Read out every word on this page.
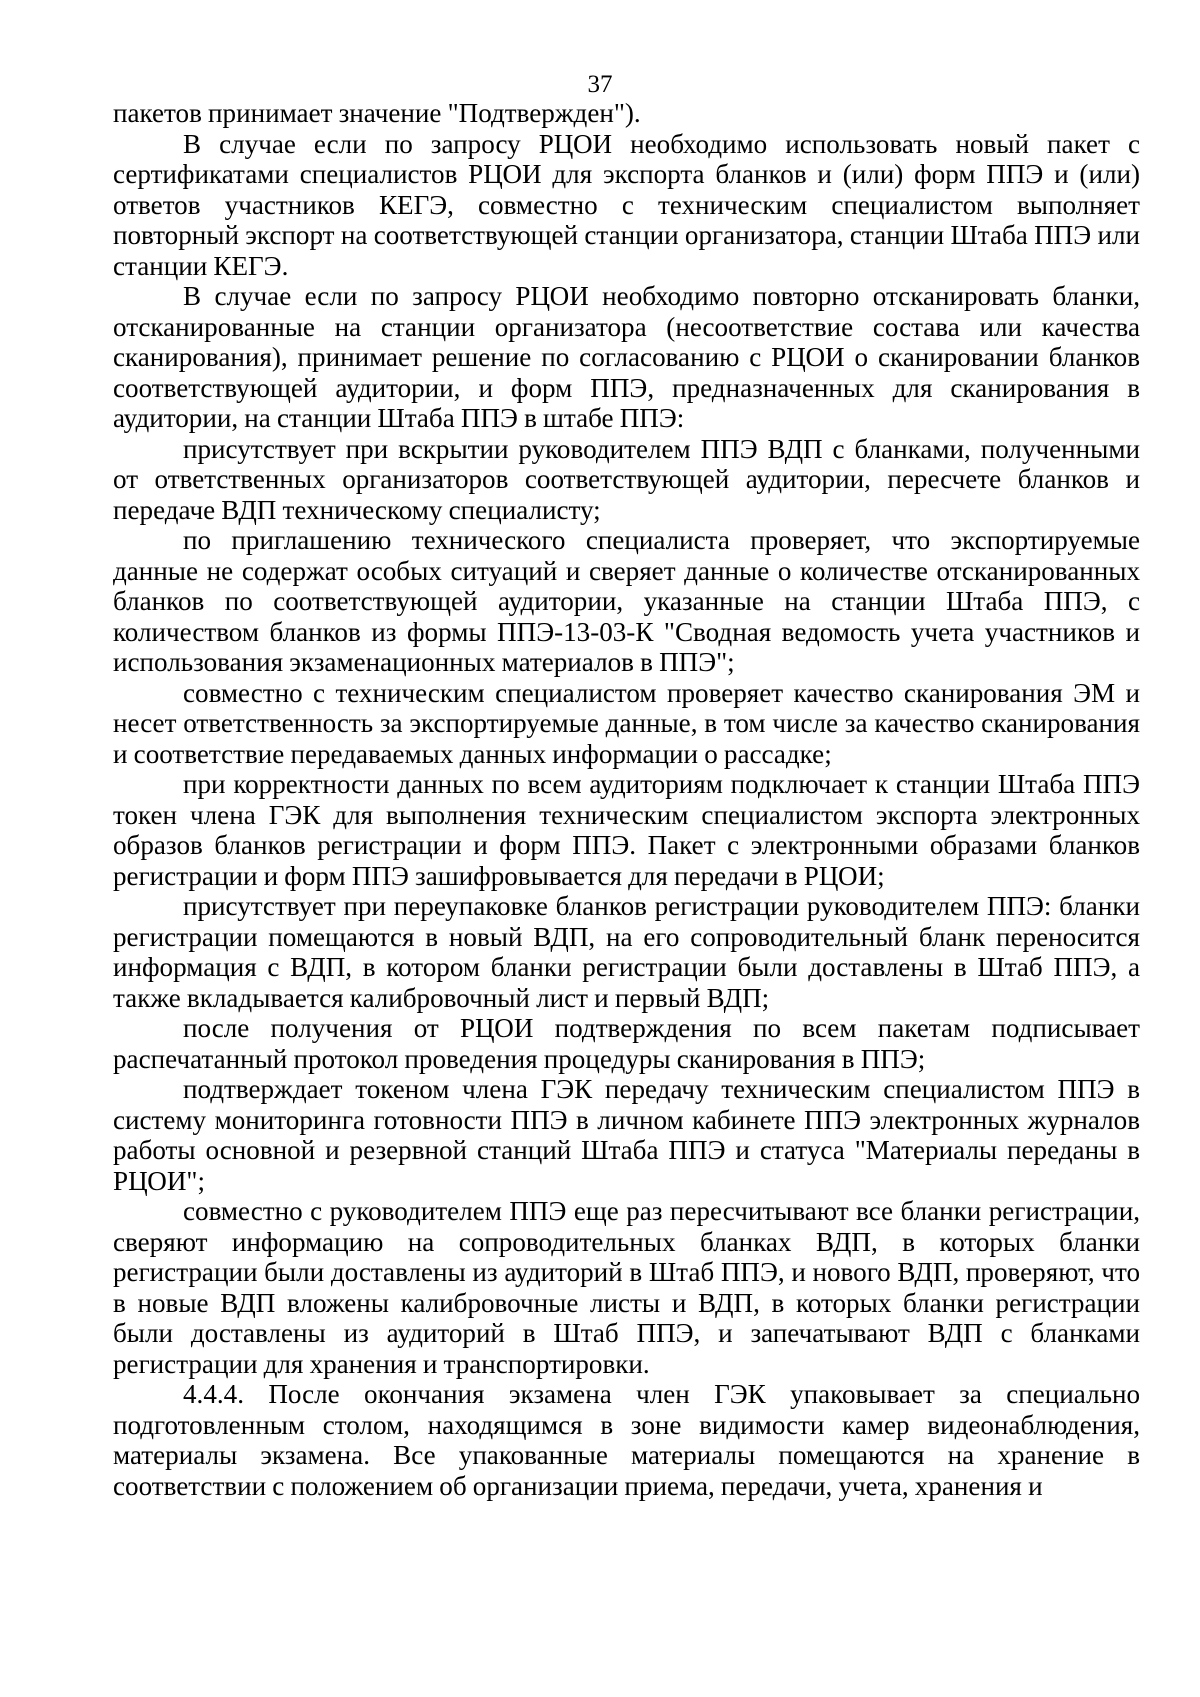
37

пакетов принимает значение "Подтвержден").

В случае если по запросу РЦОИ необходимо использовать новый пакет с сертификатами специалистов РЦОИ для экспорта бланков и (или) форм ППЭ и (или) ответов участников КЕГЭ, совместно с техническим специалистом выполняет повторный экспорт на соответствующей станции организатора, станции Штаба ППЭ или станции КЕГЭ.

В случае если по запросу РЦОИ необходимо повторно отсканировать бланки, отсканированные на станции организатора (несоответствие состава или качества сканирования), принимает решение по согласованию с РЦОИ о сканировании бланков соответствующей аудитории, и форм ППЭ, предназначенных для сканирования в аудитории, на станции Штаба ППЭ в штабе ППЭ:

присутствует при вскрытии руководителем ППЭ ВДП с бланками, полученными от ответственных организаторов соответствующей аудитории, пересчете бланков и передаче ВДП техническому специалисту;

по приглашению технического специалиста проверяет, что экспортируемые данные не содержат особых ситуаций и сверяет данные о количестве отсканированных бланков по соответствующей аудитории, указанные на станции Штаба ППЭ, с количеством бланков из формы ППЭ-13-03-К "Сводная ведомость учета участников и использования экзаменационных материалов в ППЭ";

совместно с техническим специалистом проверяет качество сканирования ЭМ и несет ответственность за экспортируемые данные, в том числе за качество сканирования и соответствие передаваемых данных информации о рассадке;

при корректности данных по всем аудиториям подключает к станции Штаба ППЭ токен члена ГЭК для выполнения техническим специалистом экспорта электронных образов бланков регистрации и форм ППЭ. Пакет с электронными образами бланков регистрации и форм ППЭ зашифровывается для передачи в РЦОИ;

присутствует при переупаковке бланков регистрации руководителем ППЭ: бланки регистрации помещаются в новый ВДП, на его сопроводительный бланк переносится информация с ВДП, в котором бланки регистрации были доставлены в Штаб ППЭ, а также вкладывается калибровочный лист и первый ВДП;

после получения от РЦОИ подтверждения по всем пакетам подписывает распечатанный протокол проведения процедуры сканирования в ППЭ;

подтверждает токеном члена ГЭК передачу техническим специалистом ППЭ в систему мониторинга готовности ППЭ в личном кабинете ППЭ электронных журналов работы основной и резервной станций Штаба ППЭ и статуса "Материалы переданы в РЦОИ";

совместно с руководителем ППЭ еще раз пересчитывают все бланки регистрации, сверяют информацию на сопроводительных бланках ВДП, в которых бланки регистрации были доставлены из аудиторий в Штаб ППЭ, и нового ВДП, проверяют, что в новые ВДП вложены калибровочные листы и ВДП, в которых бланки регистрации были доставлены из аудиторий в Штаб ППЭ, и запечатывают ВДП с бланками регистрации для хранения и транспортировки.

4.4.4. После окончания экзамена член ГЭК упаковывает за специально подготовленным столом, находящимся в зоне видимости камер видеонаблюдения, материалы экзамена. Все упакованные материалы помещаются на хранение в соответствии с положением об организации приема, передачи, учета, хранения и
